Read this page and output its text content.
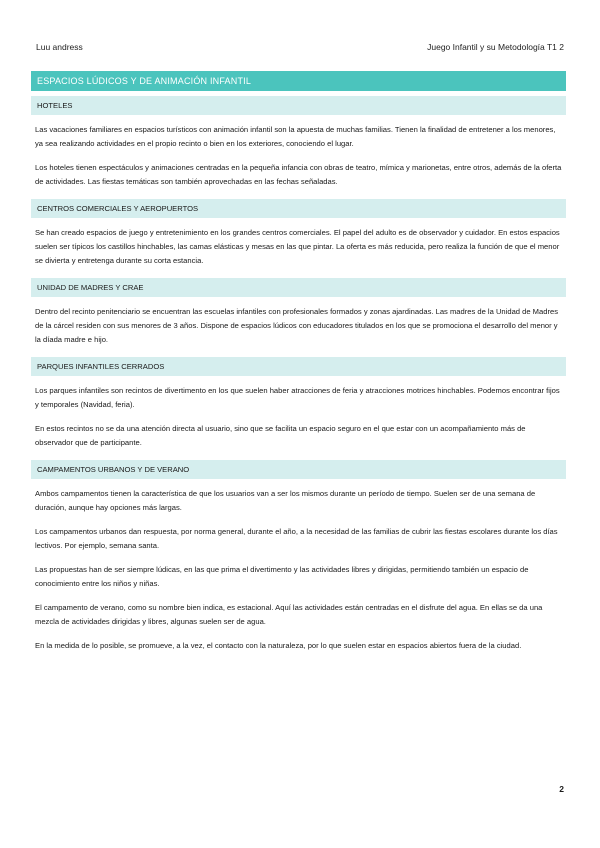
Luu andress	Juego Infantil y su Metodología T1 2
ESPACIOS LÚDICOS Y DE ANIMACIÓN INFANTIL
HOTELES

Las vacaciones familiares en espacios turísticos con animación infantil son la apuesta de muchas familias. Tienen la finalidad de entretener a los menores, ya sea realizando actividades en el propio recinto o bien en los exteriores, conociendo el lugar.

Los hoteles tienen espectáculos y animaciones centradas en la pequeña infancia con obras de teatro, mímica y marionetas, entre otros, además de la oferta de actividades. Las fiestas temáticas son también aprovechadas en las fechas señaladas.

CENTROS COMERCIALES Y AEROPUERTOS

Se han creado espacios de juego y entretenimiento en los grandes centros comerciales. El papel del adulto es de observador y cuidador. En estos espacios suelen ser típicos los castillos hinchables, las camas elásticas y mesas en las que pintar. La oferta es más reducida, pero realiza la función de que el menor se divierta y entretenga durante su corta estancia.

UNIDAD DE MADRES Y CRAE

Dentro del recinto penitenciario se encuentran las escuelas infantiles con profesionales formados y zonas ajardinadas. Las madres de la Unidad de Madres de la cárcel residen con sus menores de 3 años. Dispone de espacios lúdicos con educadores titulados en los que se promociona el desarrollo del menor y la díada madre e hijo.

PARQUES INFANTILES CERRADOS

Los parques infantiles son recintos de divertimento en los que suelen haber atracciones de feria y atracciones motrices hinchables. Podemos encontrar fijos y temporales (Navidad, feria).

En estos recintos no se da una atención directa al usuario, sino que se facilita un espacio seguro en el que estar con un acompañamiento más de observador que de participante.

CAMPAMENTOS URBANOS Y DE VERANO

Ambos campamentos tienen la característica de que los usuarios van a ser los mismos durante un período de tiempo. Suelen ser de una semana de duración, aunque hay opciones más largas.

Los campamentos urbanos dan respuesta, por norma general, durante el año, a la necesidad de las familias de cubrir las fiestas escolares durante los días lectivos. Por ejemplo, semana santa.

Las propuestas han de ser siempre lúdicas, en las que prima el divertimento y las actividades libres y dirigidas, permitiendo también un espacio de conocimiento entre los niños y niñas.

El campamento de verano, como su nombre bien indica, es estacional. Aquí las actividades están centradas en el disfrute del agua. En ellas se da una mezcla de actividades dirigidas y libres, algunas suelen ser de agua.

En la medida de lo posible, se promueve, a la vez, el contacto con la naturaleza, por lo que suelen estar en espacios abiertos fuera de la ciudad.

2
